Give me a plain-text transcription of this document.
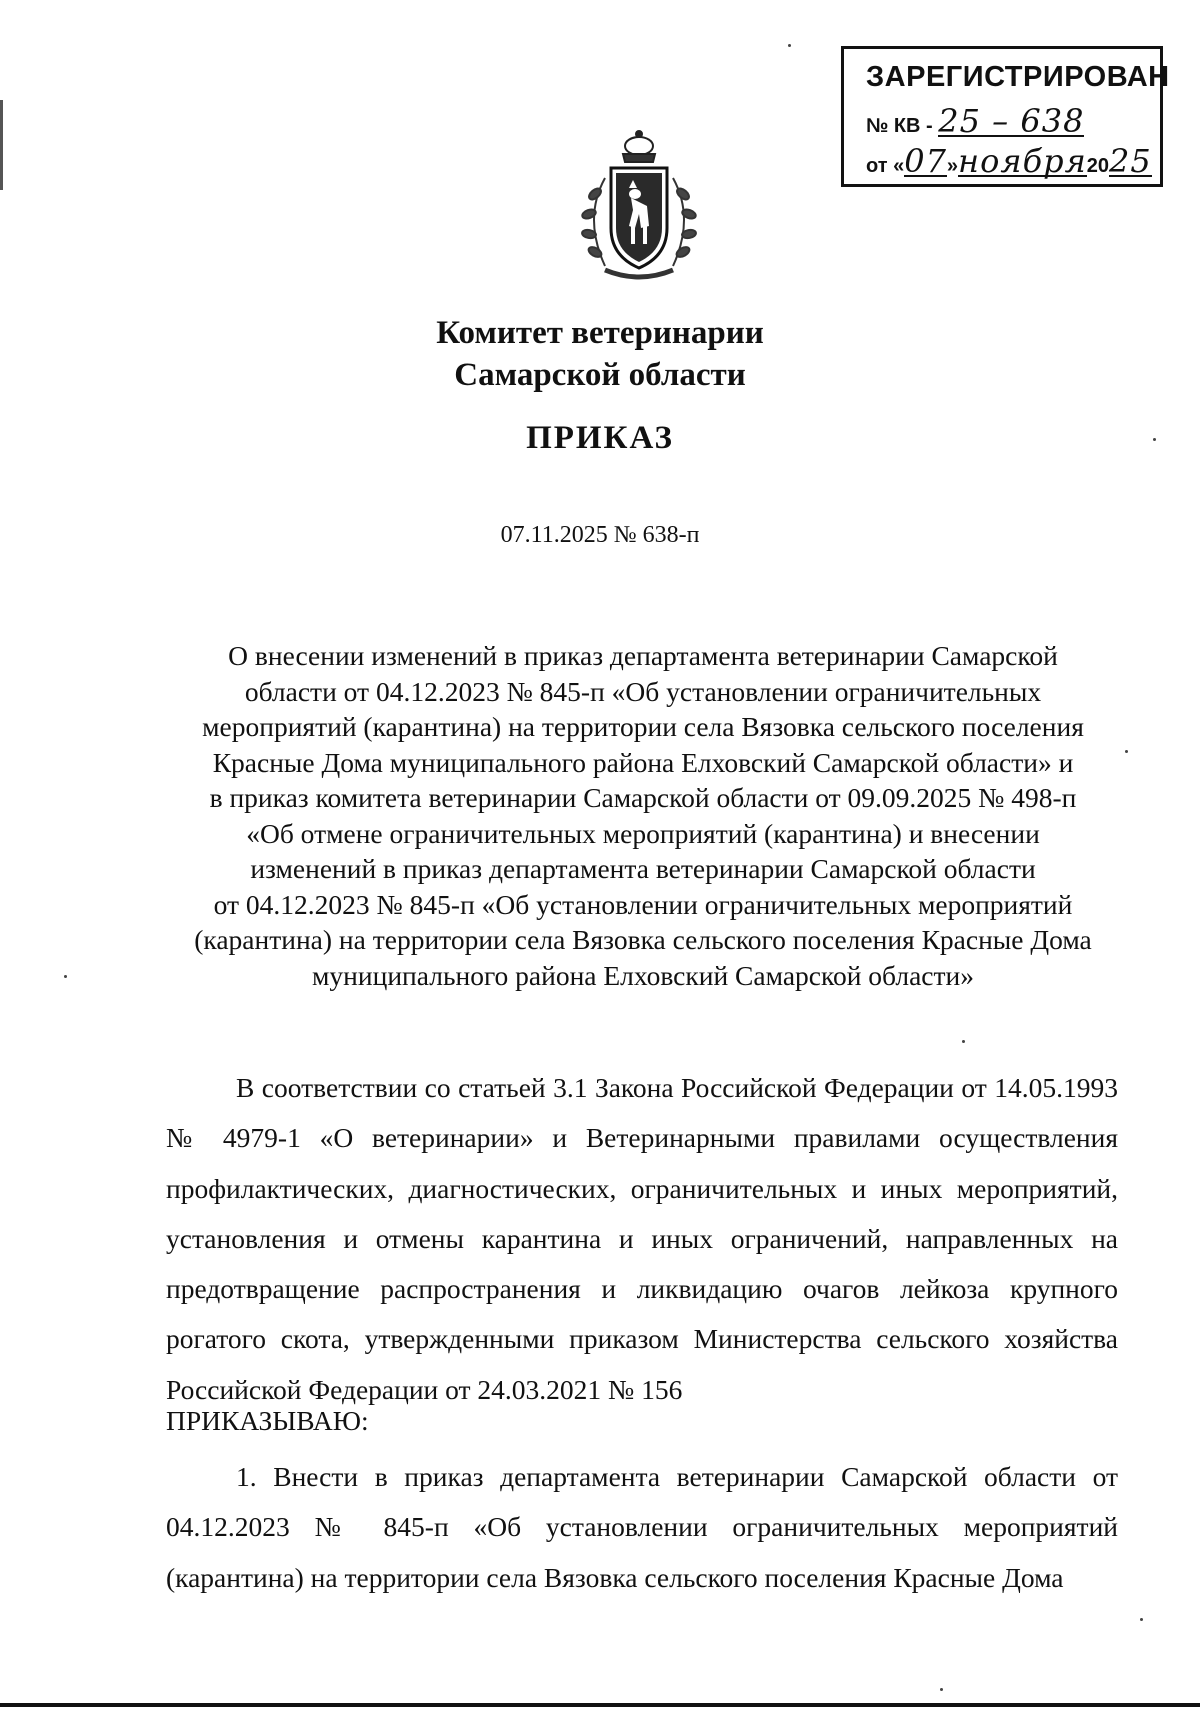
ЗАРЕГИСТРИРОВАН
№ КВ - 25 – 638
от «07»ноября2025
Комитет ветеринарии
Самарской области
ПРИКАЗ
07.11.2025 № 638-п
О внесении изменений в приказ департамента ветеринарии Самарской
области от 04.12.2023 № 845-п «Об установлении ограничительных
мероприятий (карантина) на территории села Вязовка сельского поселения
Красные Дома муниципального района Елховский Самарской области» и
в приказ комитета ветеринарии Самарской области от 09.09.2025 № 498-п
«Об отмене ограничительных мероприятий (карантина) и внесении
изменений в приказ департамента ветеринарии Самарской области
от 04.12.2023 № 845-п «Об установлении ограничительных мероприятий
(карантина) на территории села Вязовка сельского поселения Красные Дома
муниципального района Елховский Самарской области»
В соответствии со статьей 3.1 Закона Российской Федерации от 14.05.1993 № 4979-1 «О ветеринарии» и Ветеринарными правилами осуществления профилактических, диагностических, ограничительных и иных мероприятий, установления и отмены карантина и иных ограничений, направленных на предотвращение распространения и ликвидацию очагов лейкоза крупного рогатого скота, утвержденными приказом Министерства сельского хозяйства Российской Федерации от 24.03.2021 № 156
ПРИКАЗЫВАЮ:
1. Внести в приказ департамента ветеринарии Самарской области от 04.12.2023 № 845-п «Об установлении ограничительных мероприятий (карантина) на территории села Вязовка сельского поселения Красные Дома
